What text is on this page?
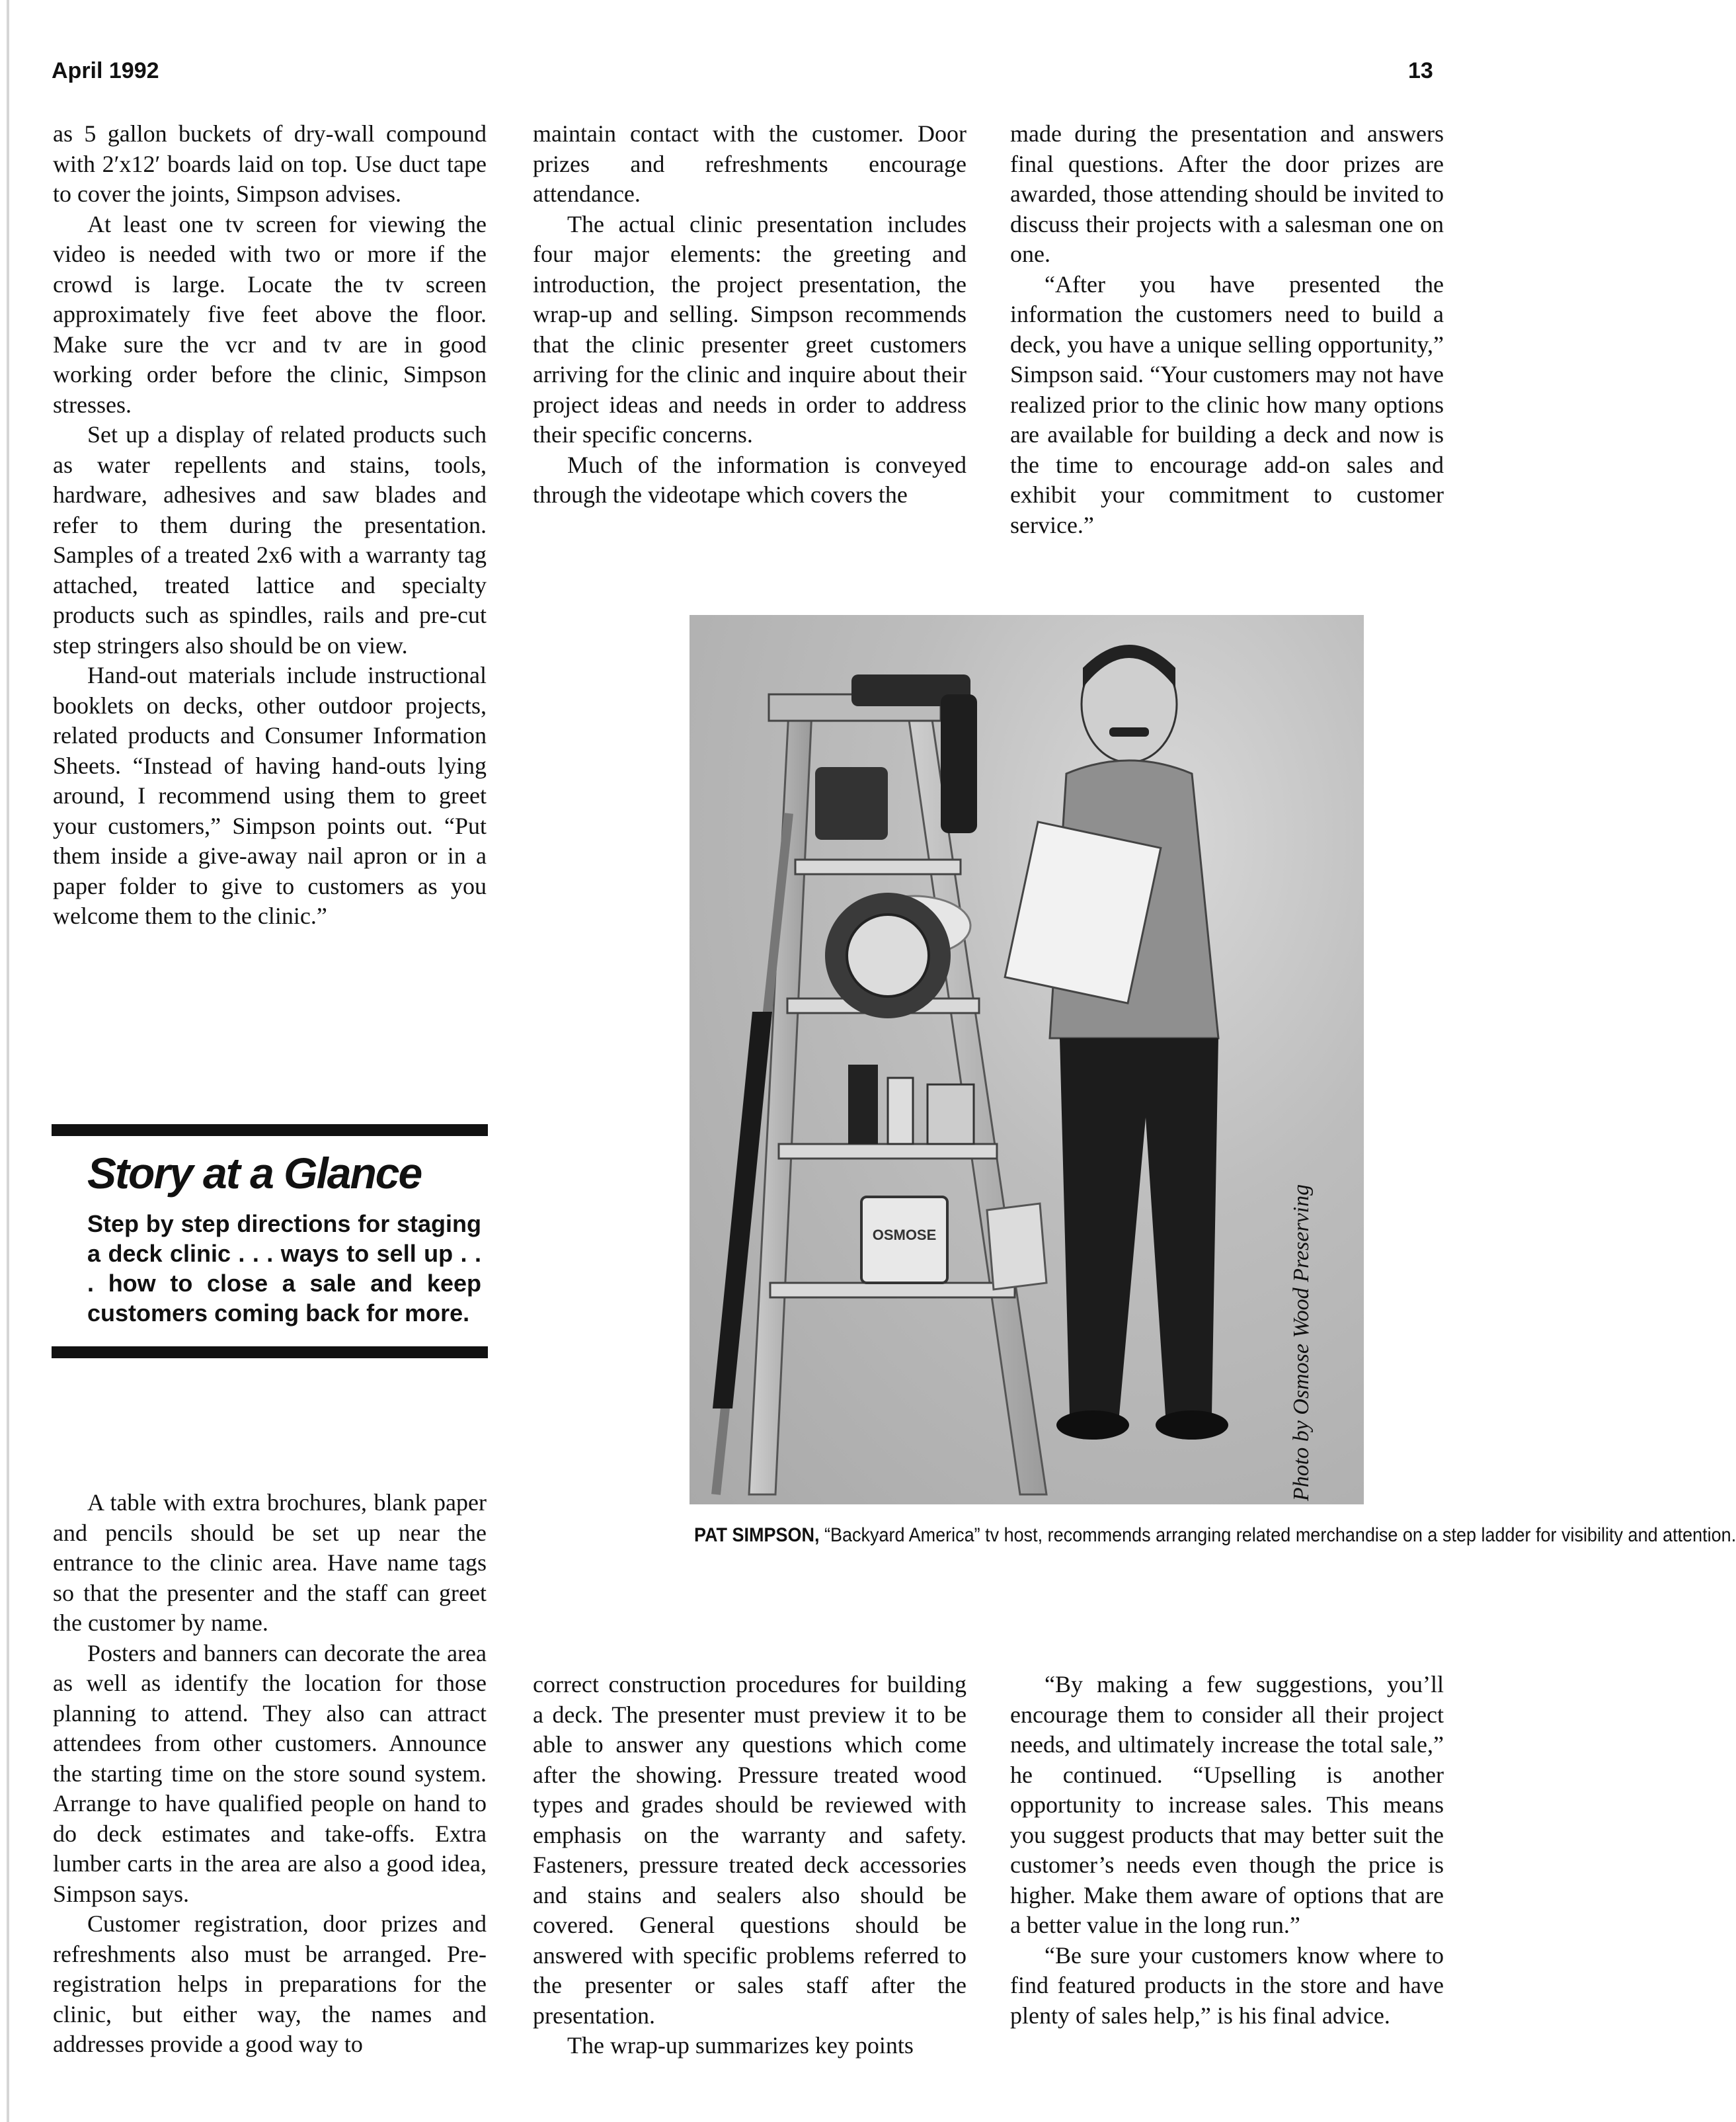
April 1992	13

as 5 gallon buckets of dry-wall compound with 2′x12′ boards laid on top. Use duct tape to cover the joints, Simpson advises.

At least one tv screen for viewing the video is needed with two or more if the crowd is large. Locate the tv screen approximately five feet above the floor. Make sure the vcr and tv are in good working order before the clinic, Simpson stresses.

Set up a display of related products such as water repellents and stains, tools, hardware, adhesives and saw blades and refer to them during the presentation. Samples of a treated 2x6 with a warranty tag attached, treated lattice and specialty products such as spindles, rails and pre-cut step stringers also should be on view.

Hand-out materials include instructional booklets on decks, other outdoor projects, related products and Consumer Information Sheets. “Instead of having hand-outs lying around, I recommend using them to greet your customers,” Simpson points out. “Put them inside a give-away nail apron or in a paper folder to give to customers as you welcome them to the clinic.”

maintain contact with the customer. Door prizes and refreshments encourage attendance.

The actual clinic presentation includes four major elements: the greeting and introduction, the project presentation, the wrap-up and selling. Simpson recommends that the clinic presenter greet customers arriving for the clinic and inquire about their project ideas and needs in order to address their specific concerns.

Much of the information is conveyed through the videotape which covers the

made during the presentation and answers final questions. After the door prizes are awarded, those attending should be invited to discuss their projects with a salesman one on one.

“After you have presented the information the customers need to build a deck, you have a unique selling opportunity,” Simpson said. “Your customers may not have realized prior to the clinic how many options are available for building a deck and now is the time to encourage add-on sales and exhibit your commitment to customer service.”

Story at a Glance
Step by step directions for staging a deck clinic . . . ways to sell up . . . how to close a sale and keep customers coming back for more.
OSMOSE	Photo by Osmose Wood Preserving
PAT SIMPSON, “Backyard America” tv host, recommends arranging related merchandise on a step ladder for visibility and attention.

A table with extra brochures, blank paper and pencils should be set up near the entrance to the clinic area. Have name tags so that the presenter and the staff can greet the customer by name.

Posters and banners can decorate the area as well as identify the location for those planning to attend. They also can attract attendees from other customers. Announce the starting time on the store sound system. Arrange to have qualified people on hand to do deck estimates and take-offs. Extra lumber carts in the area are also a good idea, Simpson says.

Customer registration, door prizes and refreshments also must be arranged. Pre-registration helps in preparations for the clinic, but either way, the names and addresses provide a good way to

correct construction procedures for building a deck. The presenter must preview it to be able to answer any questions which come after the showing. Pressure treated wood types and grades should be reviewed with emphasis on the warranty and safety. Fasteners, pressure treated deck accessories and stains and sealers also should be covered. General questions should be answered with specific problems referred to the presenter or sales staff after the presentation.

The wrap-up summarizes key points

“By making a few suggestions, you’ll encourage them to consider all their project needs, and ultimately increase the total sale,” he continued. “Upselling is another opportunity to increase sales. This means you suggest products that may better suit the customer’s needs even though the price is higher. Make them aware of options that are a better value in the long run.”

“Be sure your customers know where to find featured products in the store and have plenty of sales help,” is his final advice.
